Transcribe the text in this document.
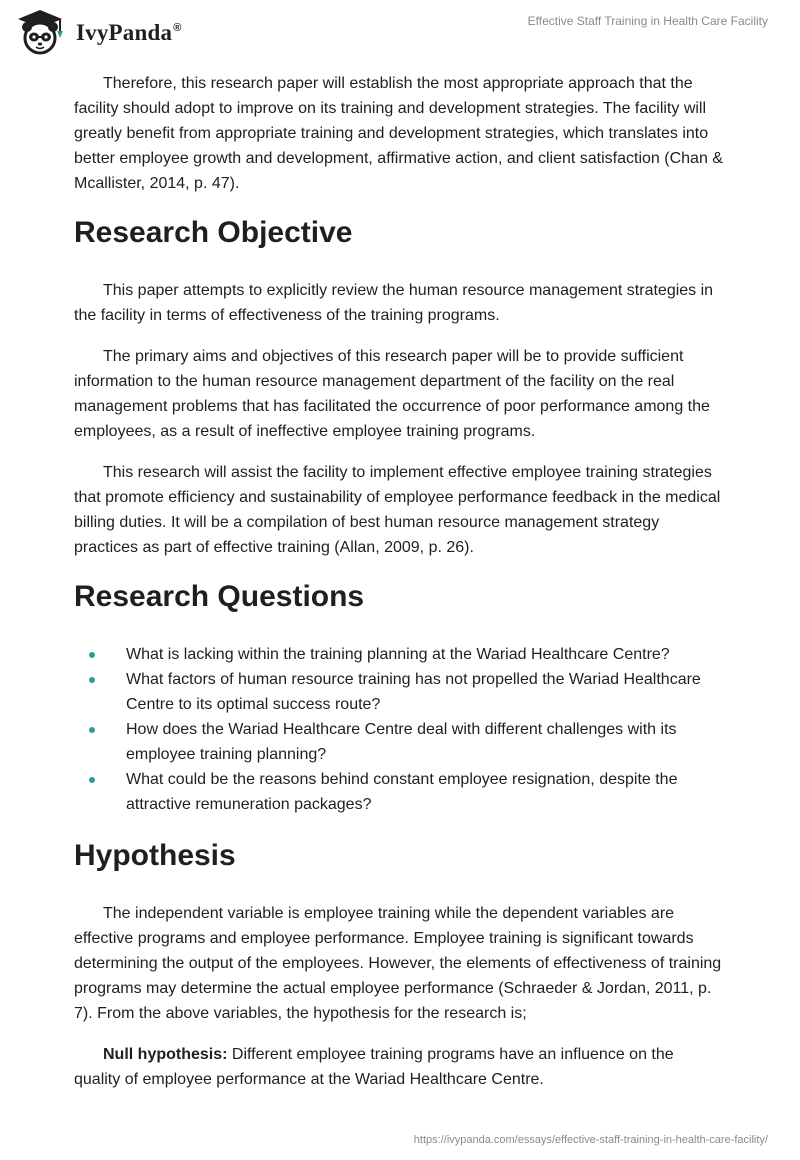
IvyPanda®
Effective Staff Training in Health Care Facility

Therefore, this research paper will establish the most appropriate approach that the facility should adopt to improve on its training and development strategies. The facility will greatly benefit from appropriate training and development strategies, which translates into better employee growth and development, affirmative action, and client satisfaction (Chan & Mcallister, 2014, p. 47).

Research Objective

This paper attempts to explicitly review the human resource management strategies in the facility in terms of effectiveness of the training programs.

The primary aims and objectives of this research paper will be to provide sufficient information to the human resource management department of the facility on the real management problems that has facilitated the occurrence of poor performance among the employees, as a result of ineffective employee training programs.

This research will assist the facility to implement effective employee training strategies that promote efficiency and sustainability of employee performance feedback in the medical billing duties. It will be a compilation of best human resource management strategy practices as part of effective training (Allan, 2009, p. 26).

Research Questions
What is lacking within the training planning at the Wariad Healthcare Centre?
What factors of human resource training has not propelled the Wariad Healthcare Centre to its optimal success route?
How does the Wariad Healthcare Centre deal with different challenges with its employee training planning?
What could be the reasons behind constant employee resignation, despite the attractive remuneration packages?
Hypothesis

The independent variable is employee training while the dependent variables are effective programs and employee performance. Employee training is significant towards determining the output of the employees. However, the elements of effectiveness of training programs may determine the actual employee performance (Schraeder & Jordan, 2011, p. 7). From the above variables, the hypothesis for the research is;

Null hypothesis: Different employee training programs have an influence on the quality of employee performance at the Wariad Healthcare Centre.

https://ivypanda.com/essays/effective-staff-training-in-health-care-facility/
